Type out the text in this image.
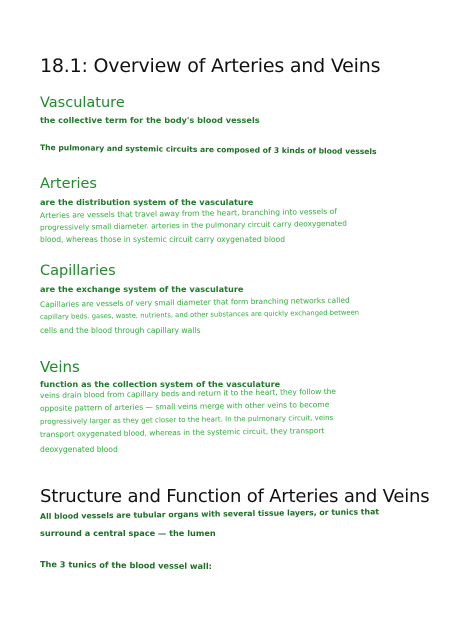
18.1: Overview of Arteries and Veins
Vasculature
the collective term for the body's blood vessels
The pulmonary and systemic circuits are composed of 3 kinds of blood vessels
Arteries
are the distribution system of the vasculature
Arteries are vessels that travel away from the heart, branching into vessels of
progressively small diameter. arteries in the pulmonary circuit carry deoxygenated
blood, whereas those in systemic circuit carry oxygenated blood
Capillaries
are the exchange system of the vasculature
Capillaries are vessels of very small diameter that form branching networks called
capillary beds. gases, waste, nutrients, and other substances are quickly exchanged between
cells and the blood through capillary walls
Veins
function as the collection system of the vasculature
veins drain blood from capillary beds and return it to the heart, they follow the
opposite pattern of arteries — small veins merge with other veins to become
progressively larger as they get closer to the heart. In the pulmonary circuit, veins
transport oxygenated blood, whereas in the systemic circuit, they transport
deoxygenated blood
Structure and Function of Arteries and Veins
All blood vessels are tubular organs with several tissue layers, or tunics that
surround a central space — the lumen
The 3 tunics of the blood vessel wall:
